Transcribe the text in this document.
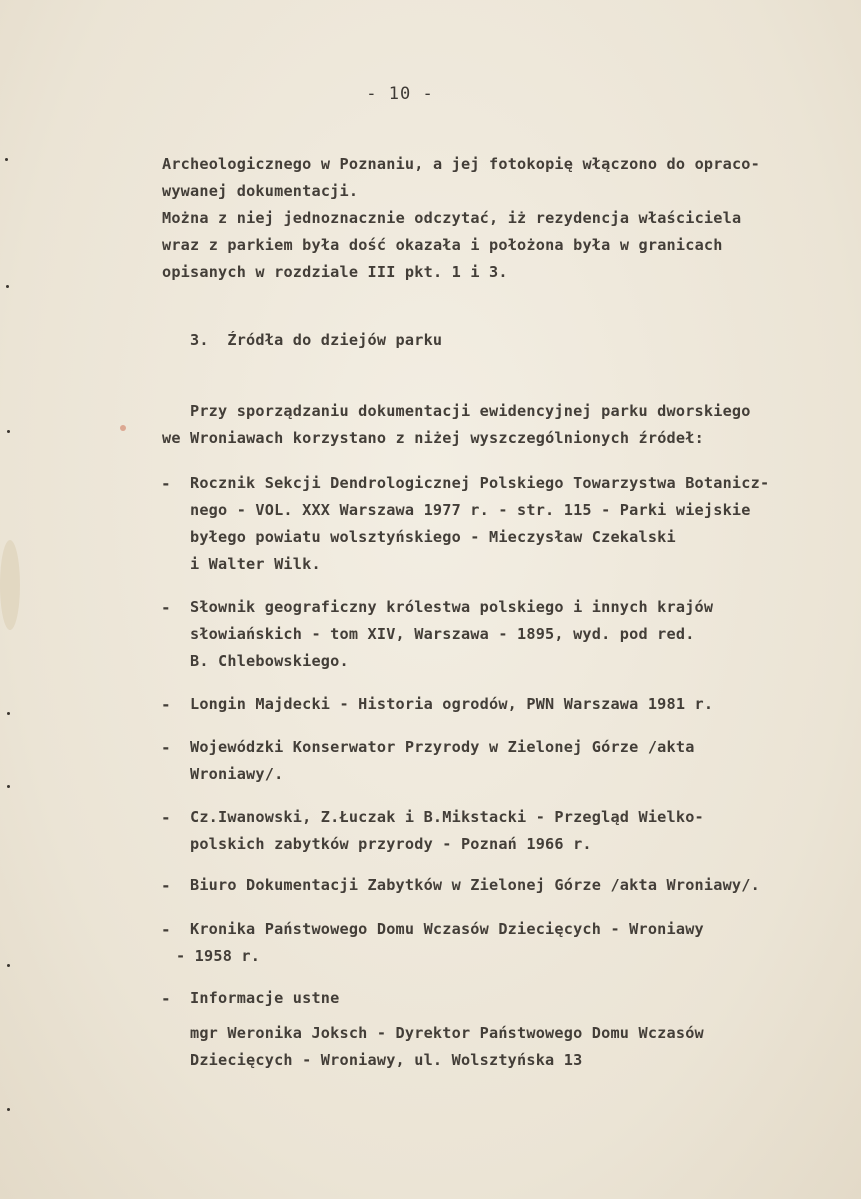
- 10 -
Archeologicznego w Poznaniu, a jej fotokopię włączono do opraco-
wywanej dokumentacji.
Można z niej jednoznacznie odczytać, iż rezydencja właściciela
wraz z parkiem była dość okazała i położona była w granicach
opisanych w rozdziale III pkt. 1 i 3.
3.  Źródła do dziejów parku
Przy sporządzaniu dokumentacji ewidencyjnej parku dworskiego
we Wroniawach korzystano z niżej wyszczególnionych źródeł:
- Rocznik Sekcji Dendrologicznej Polskiego Towarzystwa Botanicz-
nego - VOL. XXX Warszawa 1977 r. - str. 115 - Parki wiejskie
byłego powiatu wolsztyńskiego - Mieczysław Czekalski
i Walter Wilk.
- Słownik geograficzny królestwa polskiego i innych krajów
słowiańskich - tom XIV, Warszawa - 1895, wyd. pod red.
B. Chlebowskiego.
- Longin Majdecki - Historia ogrodów, PWN Warszawa 1981 r.
- Wojewódzki Konserwator Przyrody w Zielonej Górze /akta
Wroniawy/.
- Cz.Iwanowski, Z.Łuczak i B.Mikstacki - Przegląd Wielko-
polskich zabytków przyrody - Poznań 1966 r.
- Biuro Dokumentacji Zabytków w Zielonej Górze /akta Wroniawy/.
- Kronika Państwowego Domu Wczasów Dziecięcych - Wroniawy
- 1958 r.
- Informacje ustne
mgr Weronika Joksch - Dyrektor Państwowego Domu Wczasów
Dziecięcych - Wroniawy, ul. Wolsztyńska 13
